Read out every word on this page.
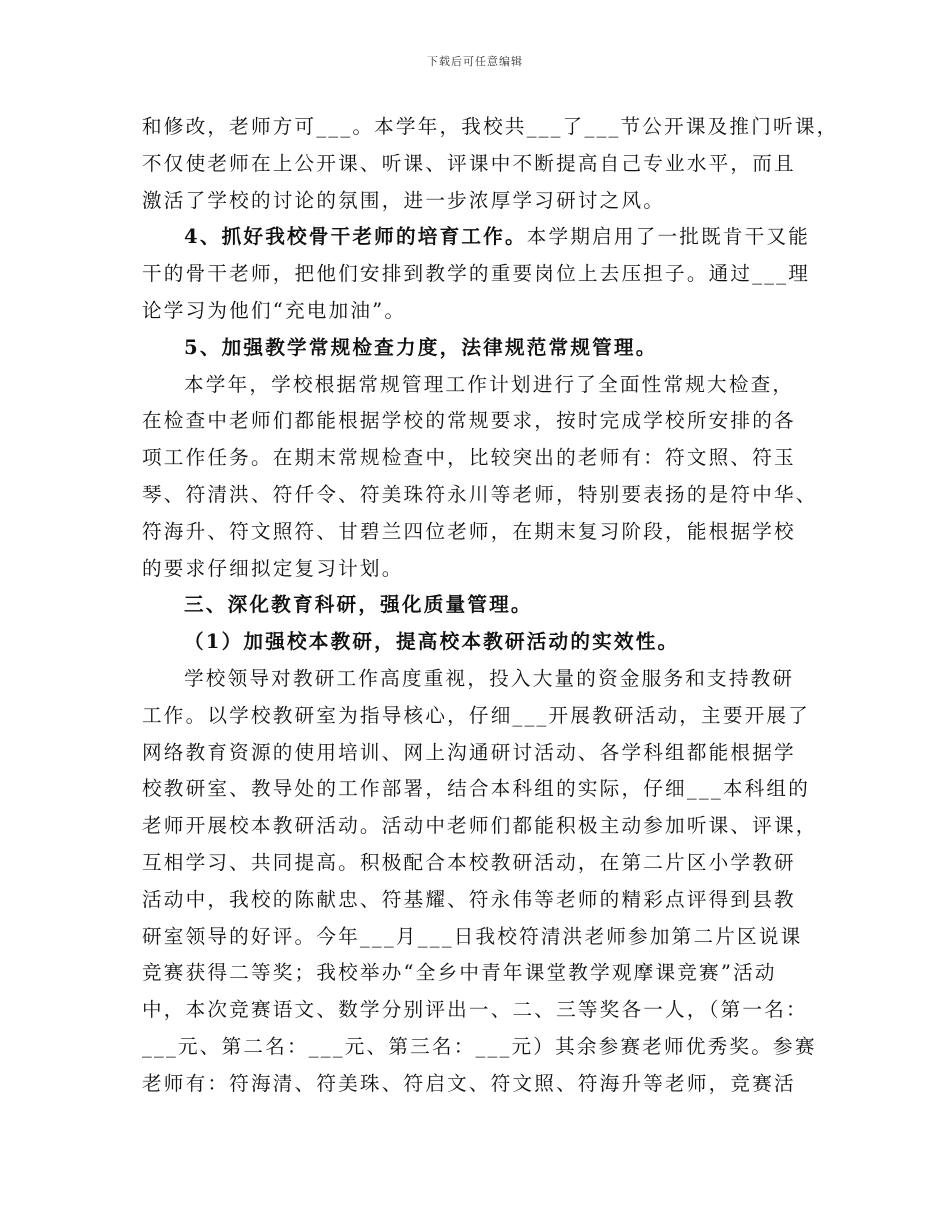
下载后可任意编辑

和修改，老师方可___。本学年，我校共___了___节公开课及推门听课，

不仅使老师在上公开课、听课、评课中不断提高自己专业水平，而且

激活了学校的讨论的氛围，进一步浓厚学习研讨之风。

4、抓好我校骨干老师的培育工作。本学期启用了一批既肯干又能

干的骨干老师，把他们安排到教学的重要岗位上去压担子。通过___理

论学习为他们“充电加油”。

5、加强教学常规检查力度，法律规范常规管理。

本学年，学校根据常规管理工作计划进行了全面性常规大检查，

在检查中老师们都能根据学校的常规要求，按时完成学校所安排的各

项工作任务。在期末常规检查中，比较突出的老师有：符文照、符玉

琴、符清洪、符仟令、符美珠符永川等老师，特别要表扬的是符中华、

符海升、符文照符、甘碧兰四位老师，在期末复习阶段，能根据学校

的要求仔细拟定复习计划。

三、深化教育科研，强化质量管理。

（1）加强校本教研，提高校本教研活动的实效性。

学校领导对教研工作高度重视，投入大量的资金服务和支持教研

工作。以学校教研室为指导核心，仔细___开展教研活动，主要开展了

网络教育资源的使用培训、网上沟通研讨活动、各学科组都能根据学

校教研室、教导处的工作部署，结合本科组的实际，仔细___本科组的

老师开展校本教研活动。活动中老师们都能积极主动参加听课、评课，

互相学习、共同提高。积极配合本校教研活动，在第二片区小学教研

活动中，我校的陈献忠、符基耀、符永伟等老师的精彩点评得到县教

研室领导的好评。今年___月___日我校符清洪老师参加第二片区说课

竞赛获得二等奖；我校举办“全乡中青年课堂教学观摩课竞赛”活动

中，本次竞赛语文、数学分别评出一、二、三等奖各一人，（第一名：

___元、第二名：___元、第三名：___元）其余参赛老师优秀奖。参赛

老师有：符海清、符美珠、符启文、符文照、符海升等老师，竞赛活
